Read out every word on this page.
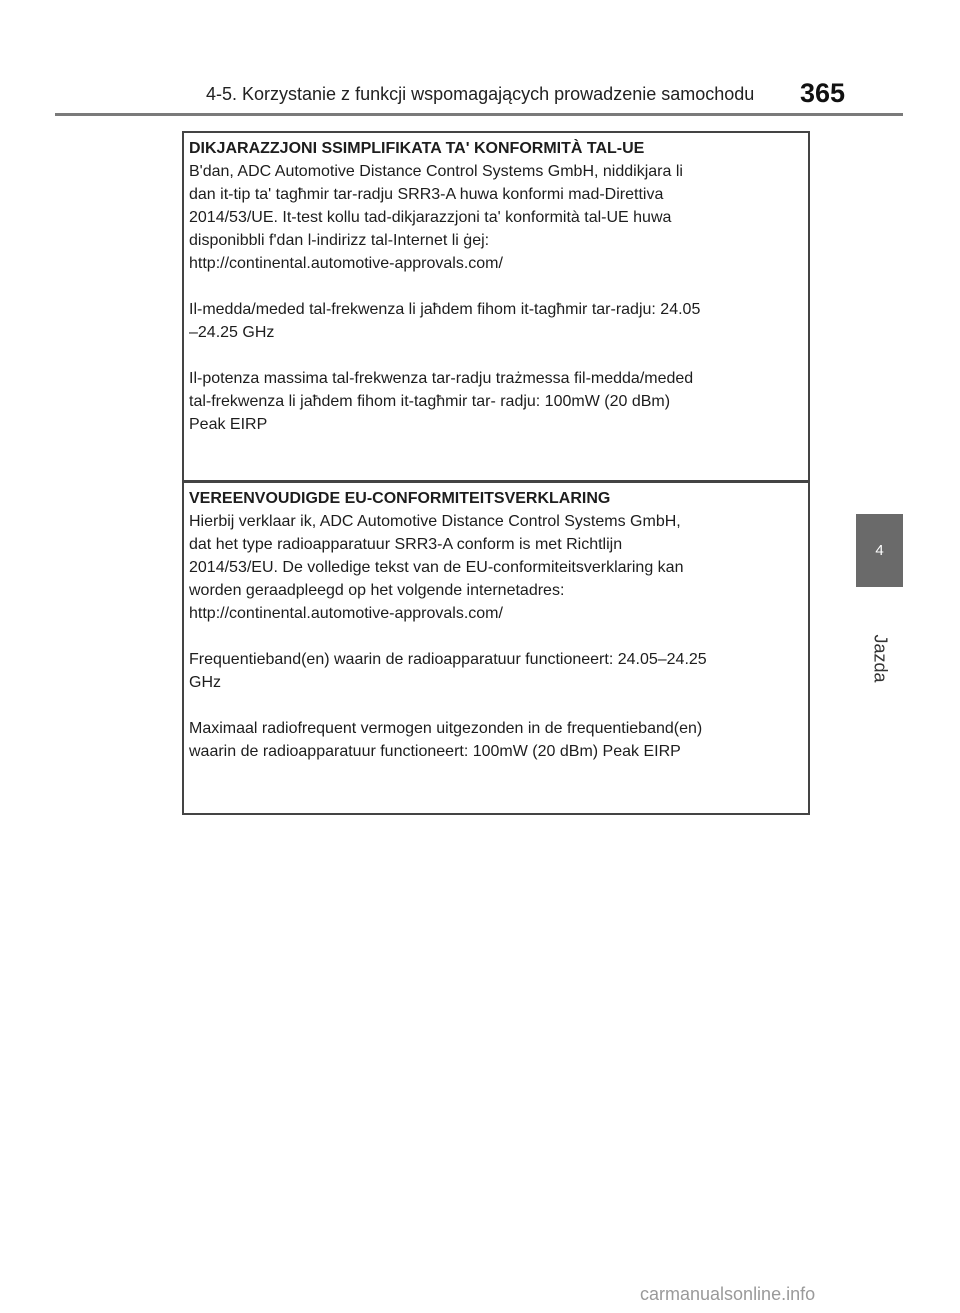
4-5. Korzystanie z funkcji wspomagających prowadzenie samochodu 365
4
Jazda

DIKJARAZZJONI SSIMPLIFIKATA TA' KONFORMITÀ TAL-UE

B'dan, ADC Automotive Distance Control Systems GmbH, niddikjara li

dan it-tip ta' tagħmir tar-radju SRR3-A huwa konformi mad-Direttiva

2014/53/UE. It-test kollu tad-dikjarazzjoni ta' konformità tal-UE huwa

disponibbli f'dan l-indirizz tal-Internet li ġej:

http://continental.automotive-approvals.com/

Il-medda/meded tal-frekwenza li jaħdem fihom it-tagħmir tar-radju: 24.05

–24.25 GHz

Il-potenza massima tal-frekwenza tar-radju trażmessa fil-medda/meded

tal-frekwenza li jaħdem fihom it-tagħmir tar- radju: 100mW (20 dBm)

Peak EIRP

VEREENVOUDIGDE EU-CONFORMITEITSVERKLARING

Hierbij verklaar ik, ADC Automotive Distance Control Systems GmbH,

dat het type radioapparatuur SRR3-A conform is met Richtlijn

2014/53/EU. De volledige tekst van de EU-conformiteitsverklaring kan

worden geraadpleegd op het volgende internetadres:

http://continental.automotive-approvals.com/

Frequentieband(en) waarin de radioapparatuur functioneert: 24.05–24.25

GHz

Maximaal radiofrequent vermogen uitgezonden in de frequentieband(en)

waarin de radioapparatuur functioneert: 100mW (20 dBm) Peak EIRP

carmanualsonline.info
